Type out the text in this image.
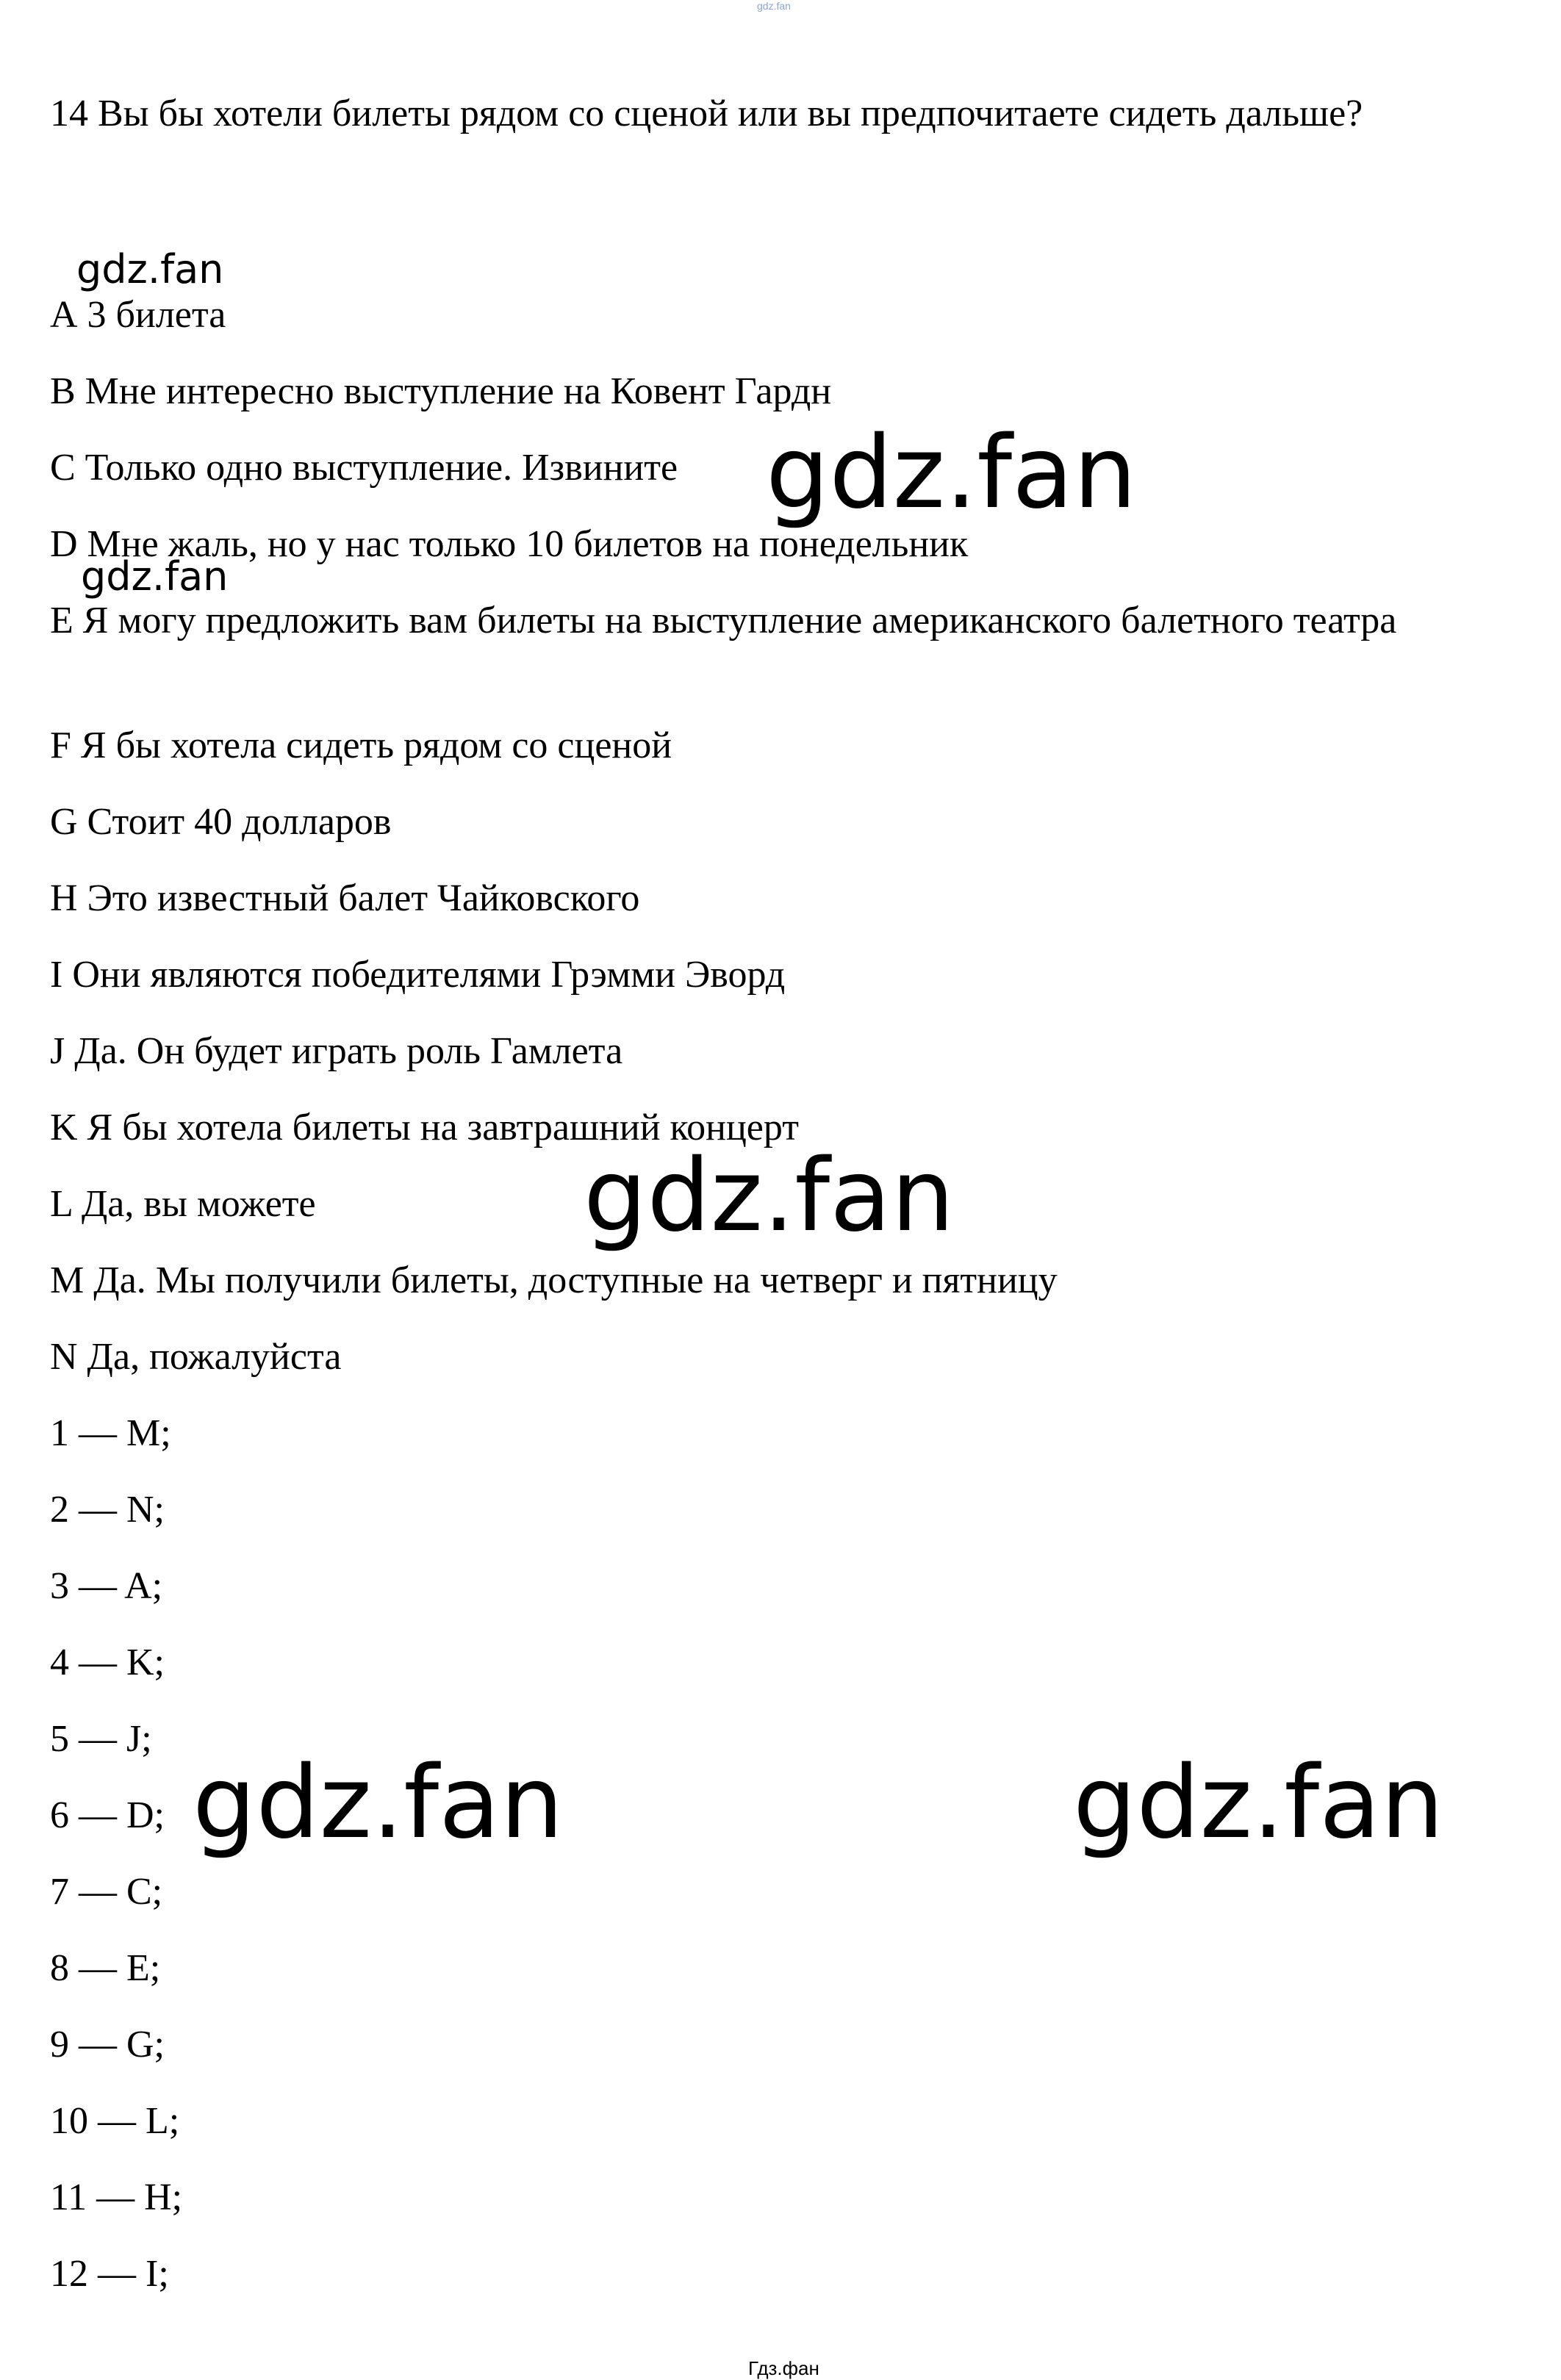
gdz.fan
14 Вы бы хотели билеты рядом со сценой или вы предпочитаете сидеть дальше?
А 3 билета
B Мне интересно выступление на Ковент Гардн
C Только одно выступление. Извините
D Мне жаль, но у нас только 10 билетов на понедельник
E Я могу предложить вам билеты на выступление американского балетного театра
F Я бы хотела сидеть рядом со сценой
G Стоит 40 долларов
H Это известный балет Чайковского
I Они являются победителями Грэмми Эворд
J Да. Он будет играть роль Гамлета
K Я бы хотела билеты на завтрашний концерт
L Да, вы можете
M Да. Мы получили билеты, доступные на четверг и пятницу
N Да, пожалуйста
1 — M;
2 — N;
3 — A;
4 — K;
5 — J;
6 — D;
7 — C;
8 — E;
9 — G;
10 — L;
11 — H;
12 — I;
gdz.fan
gdz.fan
gdz.fan
gdz.fan
gdz.fan	gdz.fan
Гдз.фан
